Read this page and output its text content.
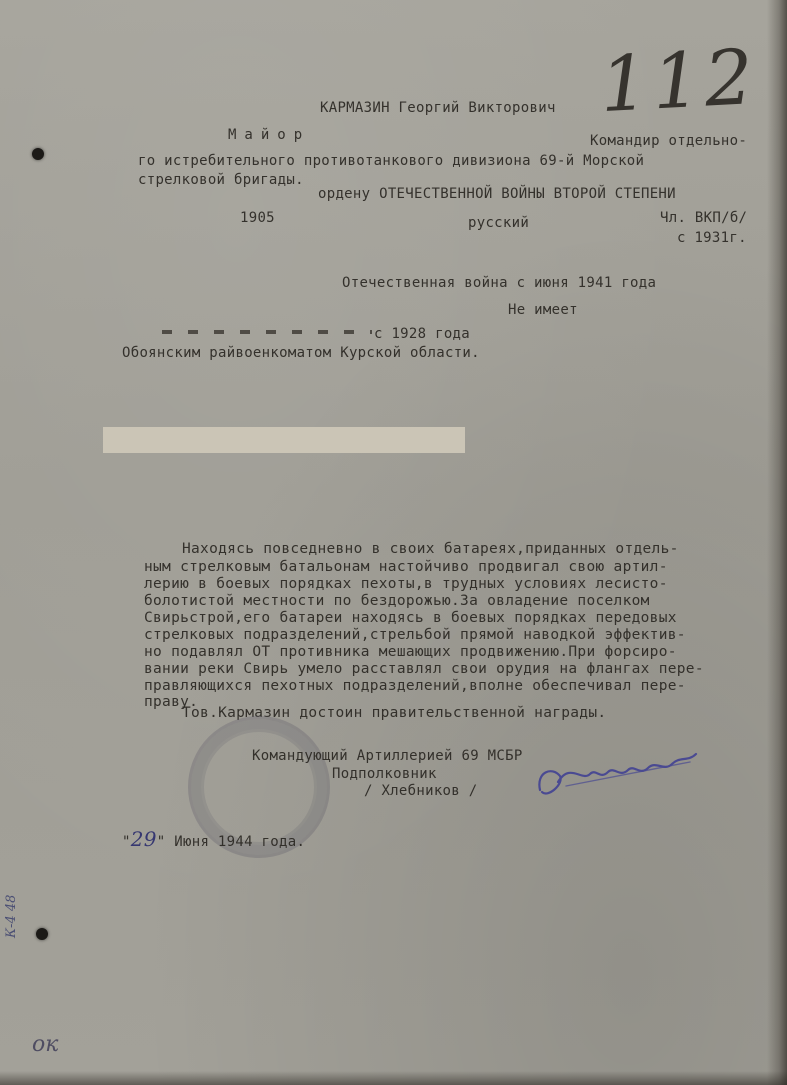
112
КАРМАЗИН Георгий Викторович
Майор	Командир отдельно-
го истребительного противотанкового дивизиона 69-й Морской
стрелковой бригады.
ордену ОТЕЧЕСТВЕННОЙ ВОЙНЫ ВТОРОЙ СТЕПЕНИ
1905	русский	Чл. ВКП/б/
с 1931г.
Отечественная война с июня 1941 года
Не имеет
с 1928 года
Обоянским райвоенкоматом Курской области.
Находясь повседневно в своих батареях,приданных отдель-
ным стрелковым батальонам настойчиво продвигал свою артил-
лерию в боевых порядках пехоты,в трудных условиях лесисто-
болотистой местности по бездорожью.За овладение поселком
Свирьстрой,его батареи находясь в боевых порядках передовых
стрелковых подразделений,стрельбой прямой наводкой эффектив-
но подавлял ОТ противника мешающих продвижению.При форсиро-
вании реки Свирь умело расставлял свои орудия на флангах пере-
правляющихся пехотных подразделений,вполне обеспечивал пере-
праву.
Тов.Кармазин достоин правительственной награды.
Командующий Артиллерией 69 МСБР
Подполковник
/ Хлебников /
"29" Июня 1944 года.
К-4 48
ок
